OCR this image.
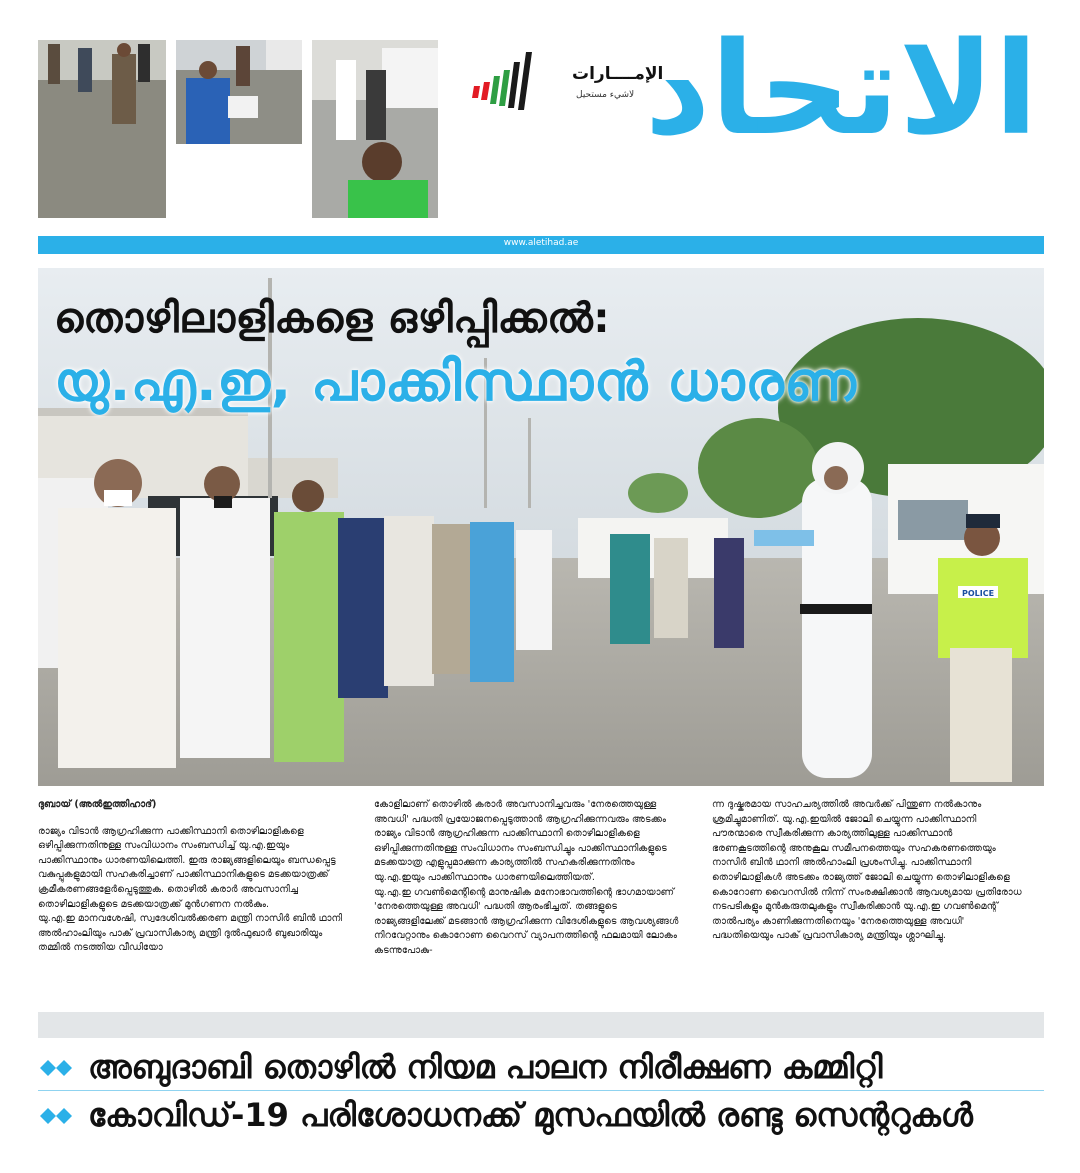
الإمــــارات
لاشيء مستحيل الاتحاد
www.aletihad.ae
POLICE
തൊഴിലാളികളെ ഒഴിപ്പിക്കൽ:
യു.എ.ഇ, പാക്കിസ്ഥാൻ ധാരണ

ദുബായ് (അൽഇത്തിഹാദ്)

രാജ്യം വിടാൻ ആഗ്രഹിക്കുന്ന പാക്കിസ്ഥാനി തൊഴിലാളികളെ ഒഴിപ്പിക്കുന്നതിനുള്ള സംവിധാനം സംബന്ധിച്ച് യു.എ.ഇയും പാക്കിസ്ഥാനും ധാരണയിലെത്തി. ഇരു രാജ്യങ്ങളിലെയും ബന്ധപ്പെട്ട വകുപ്പുകളുമായി സഹകരിച്ചാണ് പാക്കിസ്ഥാനികളുടെ മടക്കയാത്രക്ക് ക്രമീകരണങ്ങളേർപ്പെടുത്തുക. തൊഴിൽ കരാർ അവസാനിച്ച തൊഴിലാളികളുടെ മടക്കയാത്രക്ക് മുൻഗണന നൽകും.

യു.എ.ഇ മാനവശേഷി, സ്വദേശിവൽക്കരണ മന്ത്രി നാസിർ ബിൻ ഥാനി അൽഹാംലിയും പാക് പ്രവാസികാര്യ മന്ത്രി ദുൽഫുഖാർ ബുഖാരിയും തമ്മിൽ നടത്തിയ വീഡിയോ

കോളിലാണ് തൊഴിൽ കരാർ അവസാനിച്ചവരും 'നേരത്തെയുള്ള അവധി' പദ്ധതി പ്രയോജനപ്പെടുത്താൻ ആഗ്രഹിക്കുന്നവരും അടക്കം രാജ്യം വിടാൻ ആഗ്രഹിക്കുന്ന പാക്കിസ്ഥാനി തൊഴിലാളികളെ ഒഴിപ്പിക്കുന്നതിനുള്ള സംവിധാനം സംബന്ധിച്ചും പാക്കിസ്ഥാനികളുടെ മടക്കയാത്ര എളുപ്പമാക്കുന്ന കാര്യത്തിൽ സഹകരിക്കുന്നതിനും യു.എ.ഇയും പാക്കിസ്ഥാനും ധാരണയിലെത്തിയത്.

യു.എ.ഇ ഗവൺമെന്റിന്റെ മാനുഷിക മനോഭാവത്തിന്റെ ഭാഗമായാണ് 'നേരത്തെയുള്ള അവധി' പദ്ധതി ആരംഭിച്ചത്. തങ്ങളുടെ രാജ്യങ്ങളിലേക്ക് മടങ്ങാൻ ആഗ്രഹിക്കുന്ന വിദേശികളുടെ ആവശ്യങ്ങൾ നിറവേറ്റാനും കൊറോണ വൈറസ് വ്യാപനത്തിന്റെ ഫലമായി ലോകം കടന്നുപോകു-

ന്ന ദുഷ്കരമായ സാഹചര്യത്തിൽ അവർക്ക് പിന്തുണ നൽകാനും ശ്രമിച്ചുമാണിത്. യു.എ.ഇയിൽ ജോലി ചെയ്യുന്ന പാക്കിസ്ഥാനി പൗരന്മാരെ സ്വീകരിക്കുന്ന കാര്യത്തിലുള്ള പാക്കിസ്ഥാൻ ഭരണകൂടത്തിന്റെ അനുകൂല സമീപനത്തെയും സഹകരണത്തെയും നാസിർ ബിൻ ഥാനി അൽഹാംലി പ്രശംസിച്ചു. പാക്കിസ്ഥാനി തൊഴിലാളികൾ അടക്കം രാജ്യത്ത് ജോലി ചെയ്യുന്ന തൊഴിലാളികളെ കൊറോണ വൈറസിൽ നിന്ന് സംരക്ഷിക്കാൻ ആവശ്യമായ പ്രതിരോധ നടപടികളും മുൻകരുതലുകളും സ്വീകരിക്കാൻ യു.എ.ഇ ഗവൺമെന്റ് താൽപര്യം കാണിക്കുന്നതിനെയും 'നേരത്തെയുള്ള അവധി' പദ്ധതിയെയും പാക് പ്രവാസികാര്യ മന്ത്രിയും ശ്ലാഘിച്ചു.

അബുദാബി തൊഴിൽ നിയമ പാലന നിരീക്ഷണ കമ്മിറ്റി
കോവിഡ്-19 പരിശോധനക്ക് മുസഫയിൽ രണ്ടു സെന്ററുകൾ
